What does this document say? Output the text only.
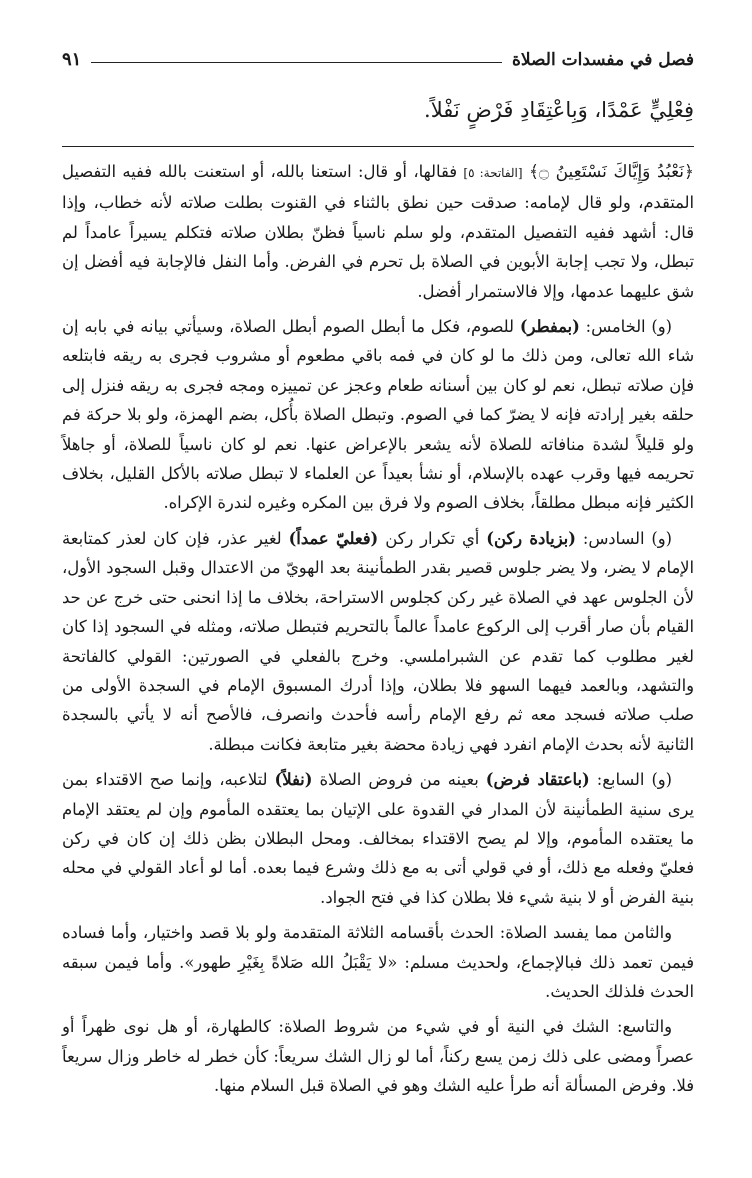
فصل في مفسدات الصلاة
٩١
فِعْلِيٍّ عَمْدًا، وَبِاعْتِقَادِ فَرْضٍ نَفْلاً.

﴿نَعْبُدُ وَإِيَّاكَ نَسْتَعِينُ ۝﴾ [الفاتحة: ٥] فقالها، أو قال: استعنا بالله، أو استعنت بالله ففيه التفصيل المتقدم، ولو قال لإمامه: صدقت حين نطق بالثناء في القنوت بطلت صلاته لأنه خطاب، وإذا قال: أشهد ففيه التفصيل المتقدم، ولو سلم ناسياً فظنّ بطلان صلاته فتكلم يسيراً عامداً لم تبطل، ولا تجب إجابة الأبوين في الصلاة بل تحرم في الفرض. وأما النفل فالإجابة فيه أفضل إن شق عليهما عدمها، وإلا فالاستمرار أفضل.

(و) الخامس: (بمفطر) للصوم، فكل ما أبطل الصوم أبطل الصلاة، وسيأتي بيانه في بابه إن شاء الله تعالى، ومن ذلك ما لو كان في فمه باقي مطعوم أو مشروب فجرى به ريقه فابتلعه فإن صلاته تبطل، نعم لو كان بين أسنانه طعام وعجز عن تمييزه ومجه فجرى به ريقه فنزل إلى حلقه بغير إرادته فإنه لا يضرّ كما في الصوم. وتبطل الصلاة بأُكل، بضم الهمزة، ولو بلا حركة فم ولو قليلاً لشدة منافاته للصلاة لأنه يشعر بالإعراض عنها. نعم لو كان ناسياً للصلاة، أو جاهلاً تحريمه فيها وقرب عهده بالإسلام، أو نشأ بعيداً عن العلماء لا تبطل صلاته بالأكل القليل، بخلاف الكثير فإنه مبطل مطلقاً، بخلاف الصوم ولا فرق بين المكره وغيره لندرة الإكراه.

(و) السادس: (بزيادة ركن) أي تكرار ركن (فعليّ عمداً) لغير عذر، فإن كان لعذر كمتابعة الإمام لا يضر، ولا يضر جلوس قصير بقدر الطمأنينة بعد الهويّ من الاعتدال وقبل السجود الأول، لأن الجلوس عهد في الصلاة غير ركن كجلوس الاستراحة، بخلاف ما إذا انحنى حتى خرج عن حد القيام بأن صار أقرب إلى الركوع عامداً عالماً بالتحريم فتبطل صلاته، ومثله في السجود إذا كان لغير مطلوب كما تقدم عن الشبراملسي. وخرج بالفعلي في الصورتين: القولي كالفاتحة والتشهد، وبالعمد فيهما السهو فلا بطلان، وإذا أدرك المسبوق الإمام في السجدة الأولى من صلب صلاته فسجد معه ثم رفع الإمام رأسه فأحدث وانصرف، فالأصح أنه لا يأتي بالسجدة الثانية لأنه بحدث الإمام انفرد فهي زيادة محضة بغير متابعة فكانت مبطلة.

(و) السابع: (باعتقاد فرض) بعينه من فروض الصلاة (نفلاً) لتلاعبه، وإنما صح الاقتداء بمن يرى سنية الطمأنينة لأن المدار في القدوة على الإتيان بما يعتقده المأموم وإن لم يعتقد الإمام ما يعتقده المأموم، وإلا لم يصح الاقتداء بمخالف. ومحل البطلان بظن ذلك إن كان في ركن فعليّ وفعله مع ذلك، أو في قولي أتى به مع ذلك وشرع فيما بعده. أما لو أعاد القولي في محله بنية الفرض أو لا بنية شيء فلا بطلان كذا في فتح الجواد.

والثامن مما يفسد الصلاة: الحدث بأقسامه الثلاثة المتقدمة ولو بلا قصد واختيار، وأما فساده فيمن تعمد ذلك فبالإجماع، ولحديث مسلم: «لا يَقْبَلُ الله صَلاةً بِغَيْرِ طهور». وأما فيمن سبقه الحدث فلذلك الحديث.

والتاسع: الشك في النية أو في شيء من شروط الصلاة: كالطهارة، أو هل نوى ظهراً أو عصراً ومضى على ذلك زمن يسع ركناً، أما لو زال الشك سريعاً: كأن خطر له خاطر وزال سريعاً فلا. وفرض المسألة أنه طرأ عليه الشك وهو في الصلاة قبل السلام منها.
